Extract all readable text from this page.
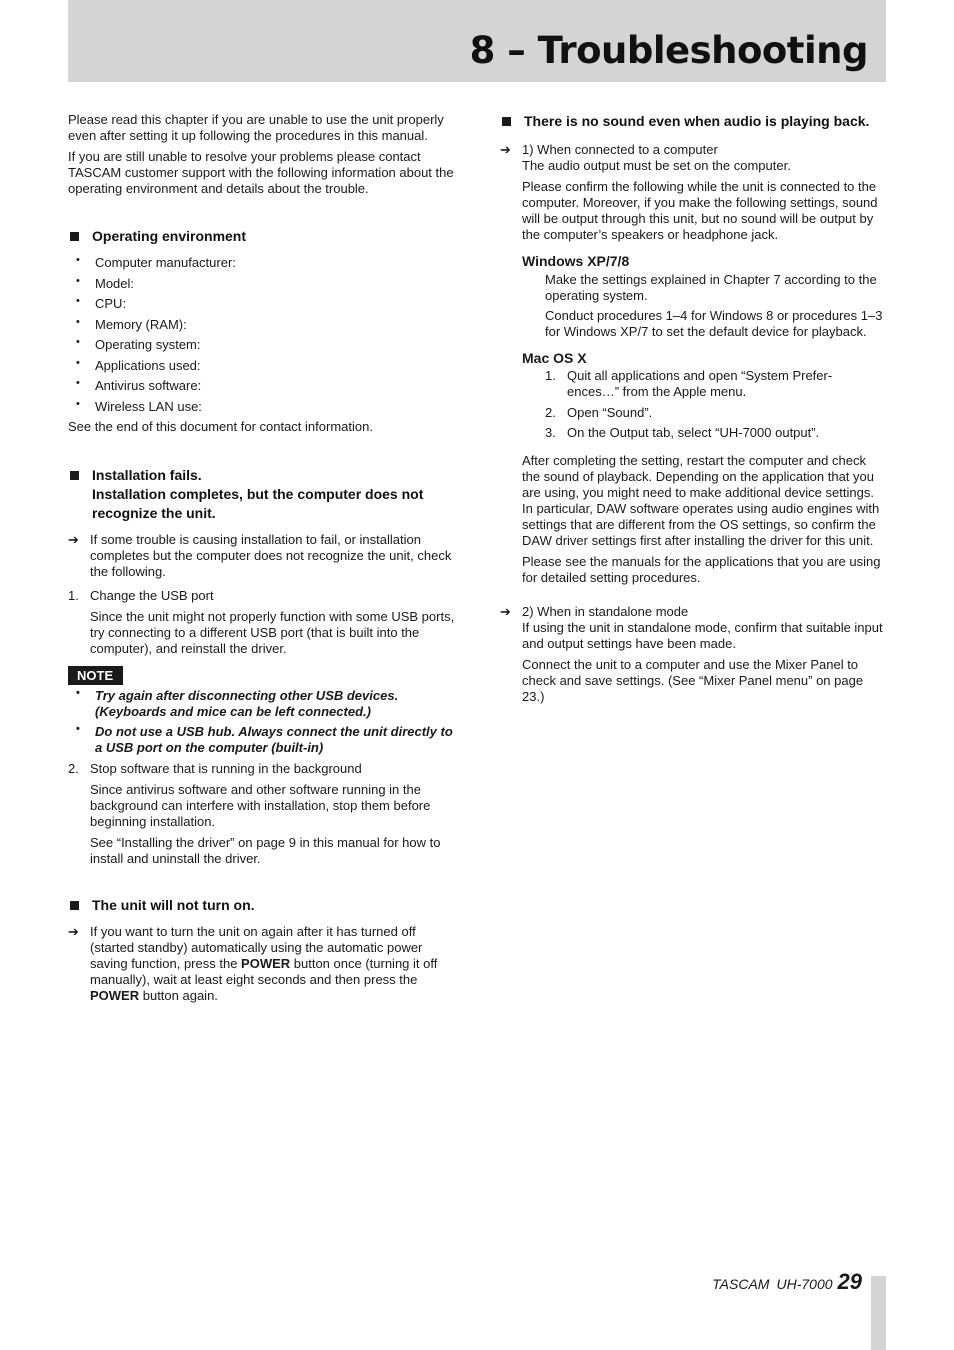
8 – Troubleshooting

Please read this chapter if you are unable to use the unit properly even after setting it up following the procedures in this manual.

If you are still unable to resolve your problems please contact TASCAM customer support with the following information about the operating environment and details about the trouble.

Operating environment
• Computer manufacturer:
• Model:
• CPU:
• Memory (RAM):
• Operating system:
• Applications used:
• Antivirus software:
• Wireless LAN use:

See the end of this document for contact information.

Installation fails.
Installation completes, but the computer does not
recognize the unit.
➔ If some trouble is causing installation to fail, or installation completes but the computer does not recognize the unit, check the following.
1. Change the USB port

Since the unit might not properly function with some USB ports, try connecting to a different USB port (that is built into the computer), and reinstall the driver.

NOTE
• Try again after disconnecting other USB devices. (Keyboards and mice can be left connected.)
• Do not use a USB hub. Always connect the unit directly to a USB port on the computer (built-in)
2. Stop software that is running in the background

Since antivirus software and other software running in the background can interfere with installation, stop them before beginning installation.

See “Installing the driver” on page 9 in this manual for how to install and uninstall the driver.

The unit will not turn on.
➔ If you want to turn the unit on again after it has turned off (started standby) automatically using the automatic power saving function, press the POWER button once (turning it off manually), wait at least eight seconds and then press the POWER button again.
There is no sound even when audio is playing back.
➔ 1) When connected to a computer

The audio output must be set on the computer.

Please confirm the following while the unit is connected to the computer. Moreover, if you make the following settings, sound will be output through this unit, but no sound will be output by the computer’s speakers or headphone jack.

Windows XP/7/8

Make the settings explained in Chapter 7 according to the operating system.

Conduct procedures 1–4 for Windows 8 or procedures 1–3 for Windows XP/7 to set the default device for playback.

Mac OS X
1. Quit all applications and open “System Prefer-ences…” from the Apple menu.
2. Open “Sound”.
3. On the Output tab, select “UH-7000 output”.

After completing the setting, restart the computer and check the sound of playback. Depending on the application that you are using, you might need to make additional device settings. In particular, DAW software operates using audio engines with settings that are different from the OS settings, so confirm the DAW driver settings first after installing the driver for this unit.

Please see the manuals for the applications that you are using for detailed setting procedures.

➔ 2) When in standalone mode

If using the unit in standalone mode, confirm that suitable input and output settings have been made.

Connect the unit to a computer and use the Mixer Panel to check and save settings. (See “Mixer Panel menu” on page 23.)

TASCAM UH-7000 29
